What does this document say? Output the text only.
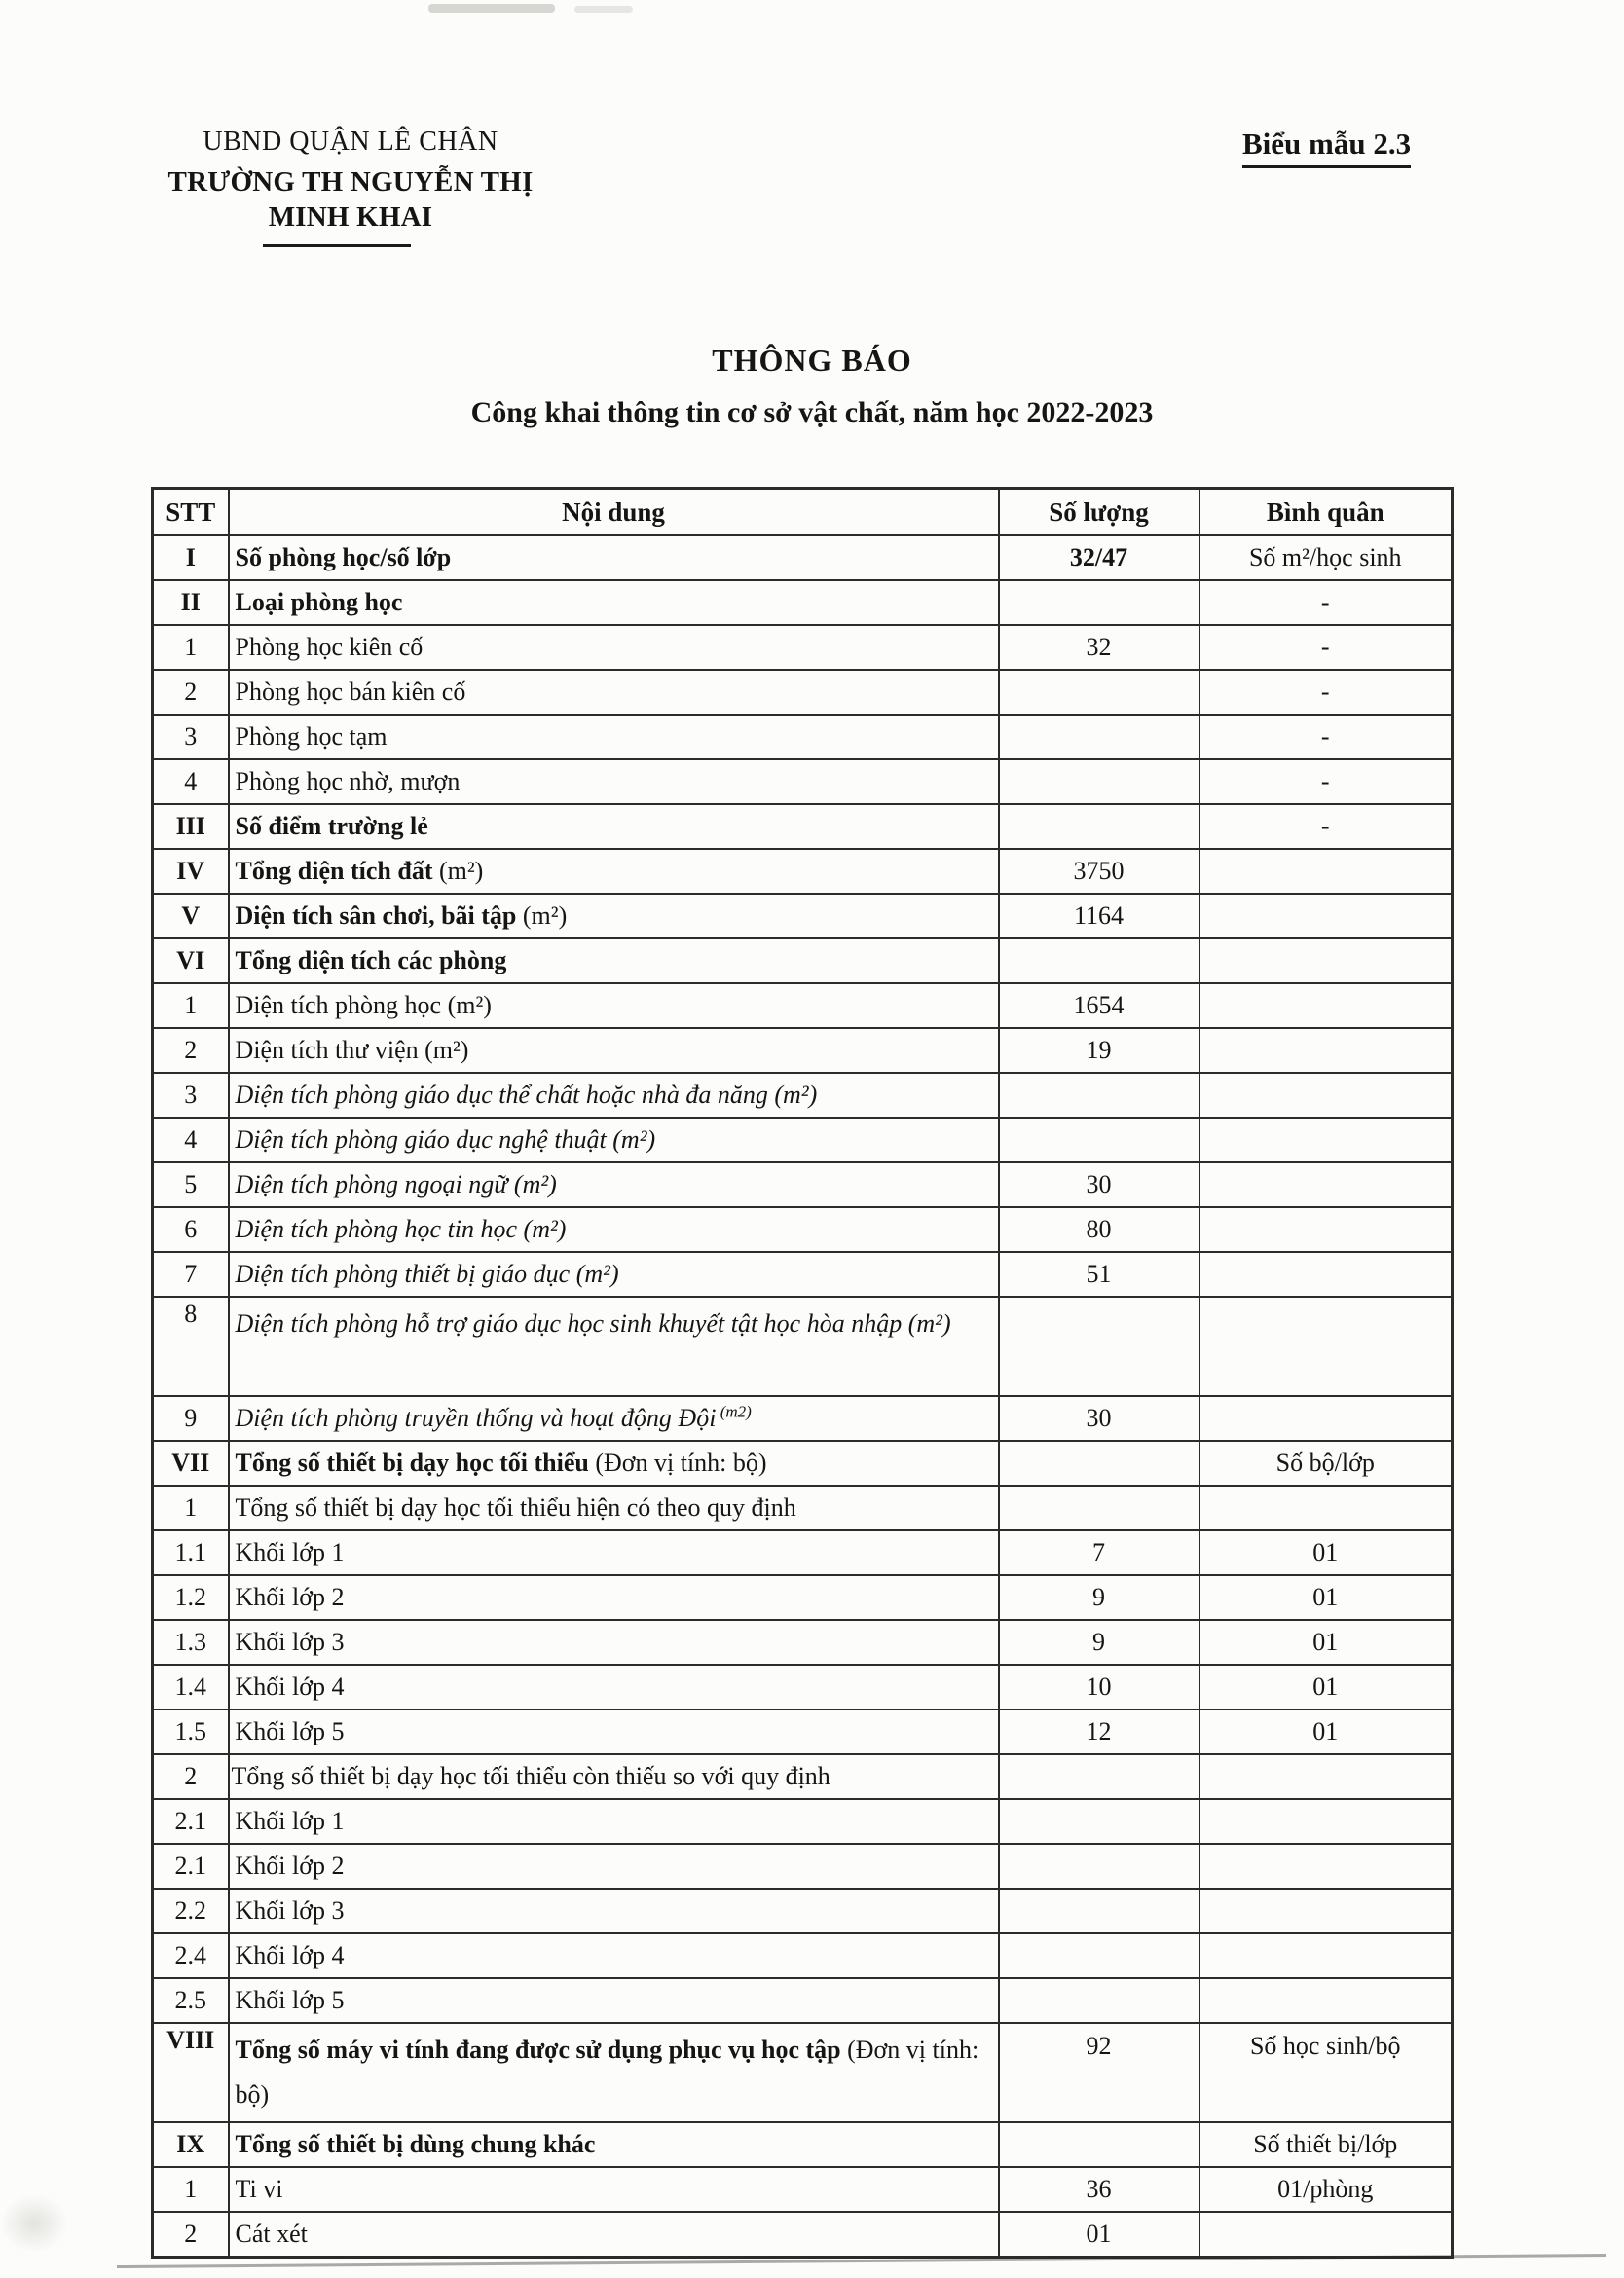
UBND QUẬN LÊ CHÂN
TRƯỜNG TH NGUYỄN THỊ MINH KHAI
Biểu mẫu 2.3
THÔNG BÁO
Công khai thông tin cơ sở vật chất, năm học 2022-2023
STT	Nội dung	Số lượng	Bình quân
I	Số phòng học/số lớp	32/47	Số m²/học sinh
II	Loại phòng học		-
1	Phòng học kiên cố	32	-
2	Phòng học bán kiên cố		-
3	Phòng học tạm		-
4	Phòng học nhờ, mượn		-
III	Số điểm trường lẻ		-
IV	Tổng diện tích đất (m²)	3750	
V	Diện tích sân chơi, bãi tập (m²)	1164	
VI	Tổng diện tích các phòng		
1	Diện tích phòng học (m²)	1654	
2	Diện tích thư viện (m²)	19	
3	Diện tích phòng giáo dục thể chất hoặc nhà đa năng (m²)		
4	Diện tích phòng giáo dục nghệ thuật (m²)		
5	Diện tích phòng ngoại ngữ (m²)	30	
6	Diện tích phòng học tin học (m²)	80	
7	Diện tích phòng thiết bị giáo dục (m²)	51	
8	Diện tích phòng hỗ trợ giáo dục học sinh khuyết tật học hòa nhập (m²)		
9	Diện tích phòng truyền thống và hoạt động Đội $^{(m2)}$	30	
VII	Tổng số thiết bị dạy học tối thiểu (Đơn vị tính: bộ)		Số bộ/lớp
1	Tổng số thiết bị dạy học tối thiểu hiện có theo quy định		
1.1	Khối lớp 1	7	01
1.2	Khối lớp 2	9	01
1.3	Khối lớp 3	9	01
1.4	Khối lớp 4	10	01
1.5	Khối lớp 5	12	01
2	Tổng số thiết bị dạy học tối thiểu còn thiếu so với quy định		
2.1	Khối lớp 1		
2.1	Khối lớp 2		
2.2	Khối lớp 3		
2.4	Khối lớp 4		
2.5	Khối lớp 5		
VIII	Tổng số máy vi tính đang được sử dụng phục vụ học tập (Đơn vị tính: bộ)	92	Số học sinh/bộ
IX	Tổng số thiết bị dùng chung khác		Số thiết bị/lớp
1	Ti vi	36	01/phòng
2	Cát xét	01	
